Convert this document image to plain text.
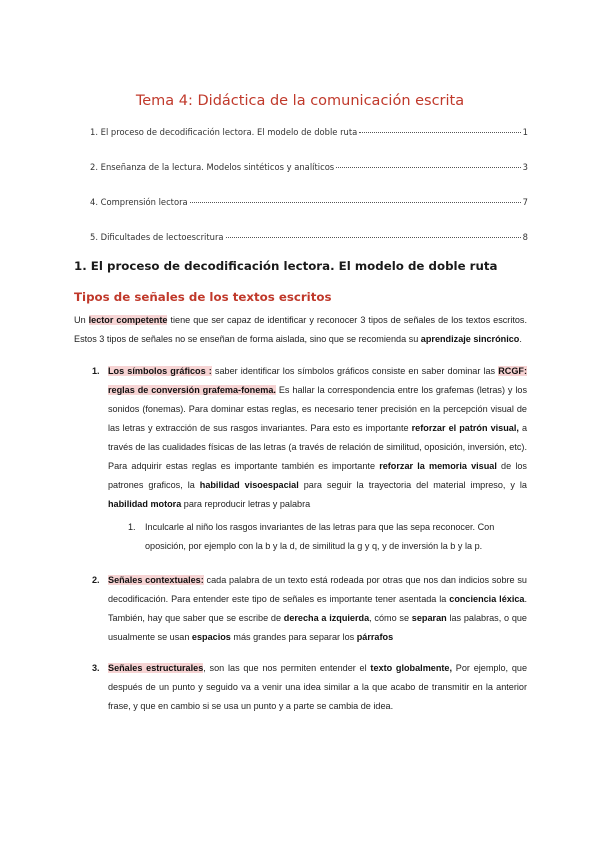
Tema 4: Didáctica de la comunicación escrita
1. El proceso de decodificación lectora. El modelo de doble ruta	1
2. Enseñanza de la lectura. Modelos sintéticos y analíticos	3
4. Comprensión lectora	7
5. Dificultades de lectoescritura	8
1. El proceso de decodificación lectora. El modelo de doble ruta
Tipos de señales de los textos escritos

Un lector competente tiene que ser capaz de identificar y reconocer 3 tipos de señales de los textos escritos. Estos 3 tipos de señales no se enseñan de forma aislada, sino que se recomienda su aprendizaje sincrónico.

1. Los símbolos gráficos : saber identificar los símbolos gráficos consiste en saber dominar las RCGF: reglas de conversión grafema-fonema. Es hallar la correspondencia entre los grafemas (letras) y los sonidos (fonemas). Para dominar estas reglas, es necesario tener precisión en la percepción visual de las letras y extracción de sus rasgos invariantes. Para esto es importante reforzar el patrón visual, a través de las cualidades físicas de las letras (a través de relación de similitud, oposición, inversión, etc). Para adquirir estas reglas es importante también es importante reforzar la memoria visual de los patrones graficos, la habilidad visoespacial para seguir la trayectoria del material impreso, y la habilidad motora para reproducir letras y palabra

1. Inculcarle al niño los rasgos invariantes de las letras para que las sepa reconocer. Con oposición, por ejemplo con la b y la d, de similitud la g y q, y de inversión la b y la p.

2. Señales contextuales: cada palabra de un texto está rodeada por otras que nos dan indicios sobre su decodificación. Para entender este tipo de señales es importante tener asentada la conciencia léxica. También, hay que saber que se escribe de derecha a izquierda, cómo se separan las palabras, o que usualmente se usan espacios más grandes para separar los párrafos

3. Señales estructurales, son las que nos permiten entender el texto globalmente, Por ejemplo, que después de un punto y seguido va a venir una idea similar a la que acabo de transmitir en la anterior frase, y que en cambio si se usa un punto y a parte se cambia de idea.
